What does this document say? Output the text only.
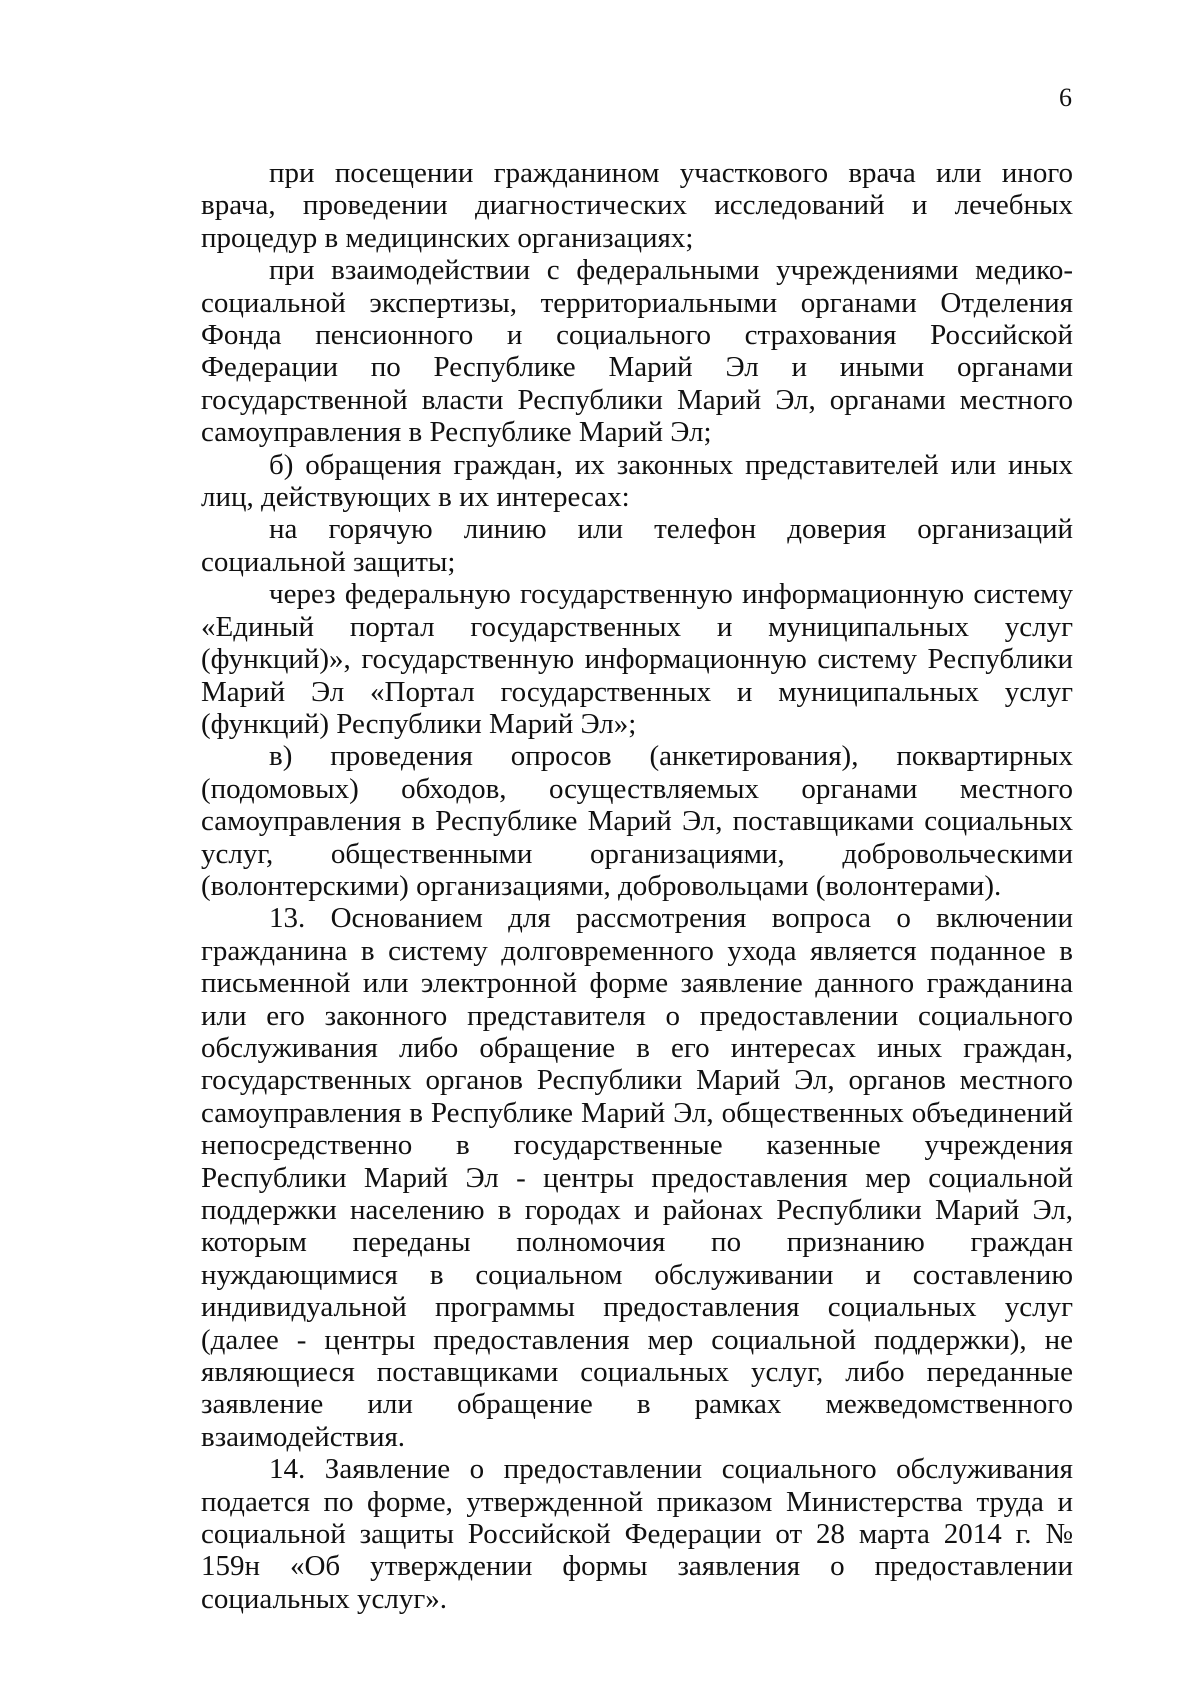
6

при посещении гражданином участкового врача или иного врача, проведении диагностических исследований и лечебных процедур в медицинских организациях;

при взаимодействии с федеральными учреждениями медико-социальной экспертизы, территориальными органами Отделения Фонда пенсионного и социального страхования Российской Федерации по Республике Марий Эл и иными органами государственной власти Республики Марий Эл, органами местного самоуправления в Республике Марий Эл;

б) обращения граждан, их законных представителей или иных лиц, действующих в их интересах:

на горячую линию или телефон доверия организаций социальной защиты;

через федеральную государственную информационную систему «Единый портал государственных и муниципальных услуг (функций)», государственную информационную систему Республики Марий Эл «Портал государственных и муниципальных услуг (функций) Республики Марий Эл»;

в) проведения опросов (анкетирования), поквартирных (подомовых) обходов, осуществляемых органами местного самоуправления в Республике Марий Эл, поставщиками социальных услуг, общественными организациями, добровольческими (волонтерскими) организациями, добровольцами (волонтерами).

13. Основанием для рассмотрения вопроса о включении гражданина в систему долговременного ухода является поданное в письменной или электронной форме заявление данного гражданина или его законного представителя о предоставлении социального обслуживания либо обращение в его интересах иных граждан, государственных органов Республики Марий Эл, органов местного самоуправления в Республике Марий Эл, общественных объединений непосредственно в государственные казенные учреждения Республики Марий Эл - центры предоставления мер социальной поддержки населению в городах и районах Республики Марий Эл, которым переданы полномочия по признанию граждан нуждающимися в социальном обслуживании и составлению индивидуальной программы предоставления социальных услуг (далее - центры предоставления мер социальной поддержки), не являющиеся поставщиками социальных услуг, либо переданные заявление или обращение в рамках межведомственного взаимодействия.

14. Заявление о предоставлении социального обслуживания подается по форме, утвержденной приказом Министерства труда и социальной защиты Российской Федерации от 28 марта 2014 г. № 159н «Об утверждении формы заявления о предоставлении социальных услуг».
